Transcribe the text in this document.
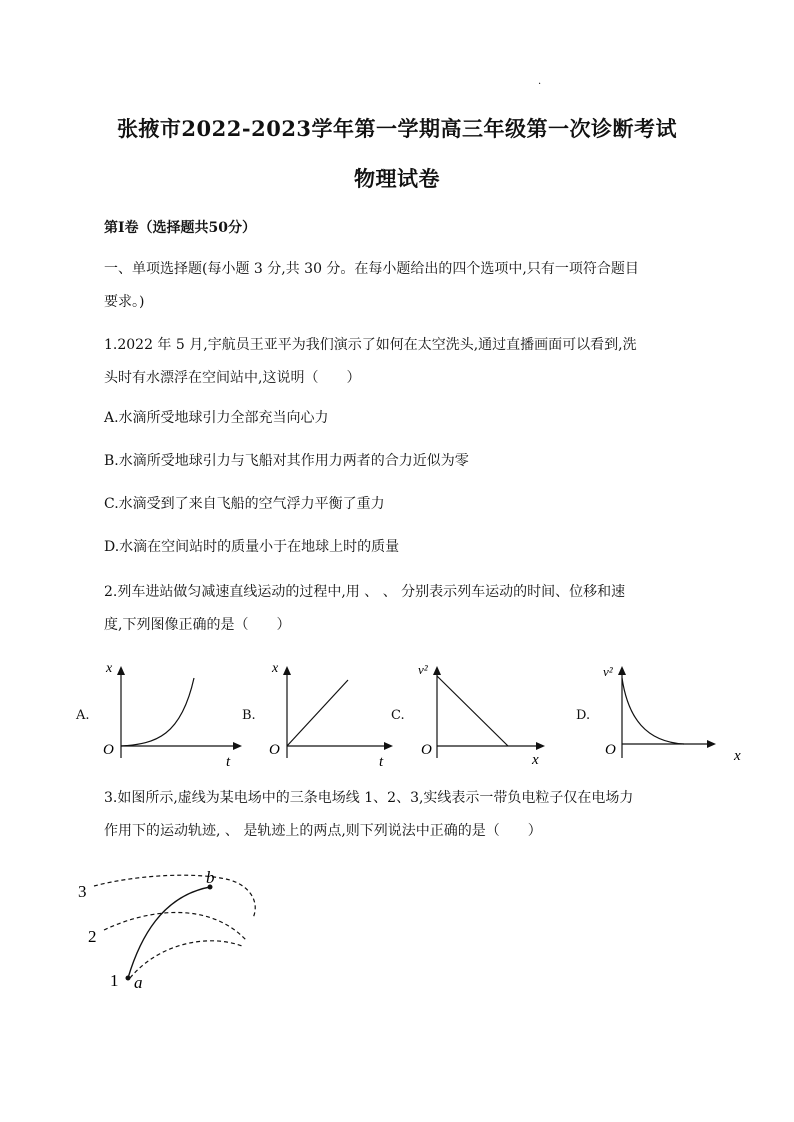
.
张掖市2022-2023学年第一学期高三年级第一次诊断考试
物理试卷
第Ⅰ卷（选择题共50分）
一、单项选择题(每小题 3 分,共 30 分。在每小题给出的四个选项中,只有一项符合题目
要求。)
1.2022 年 5 月,宇航员王亚平为我们演示了如何在太空洗头,通过直播画面可以看到,洗
头时有水漂浮在空间站中,这说明（　　）
A.水滴所受地球引力全部充当向心力
B.水滴所受地球引力与飞船对其作用力两者的合力近似为零
C.水滴受到了来自飞船的空气浮力平衡了重力
D.水滴在空间站时的质量小于在地球上时的质量
2.列车进站做匀减速直线运动的过程中,用 、 、 分别表示列车运动的时间、位移和速
度,下列图像正确的是（　　）
A.
x
O
t
B.
x
O
t
C.
v²
O
x
D.
v²
O	x
3.如图所示,虚线为某电场中的三条电场线 1、2、3,实线表示一带负电粒子仅在电场力
作用下的运动轨迹, 、 是轨迹上的两点,则下列说法中正确的是（　　）
3
2
1 a
b
